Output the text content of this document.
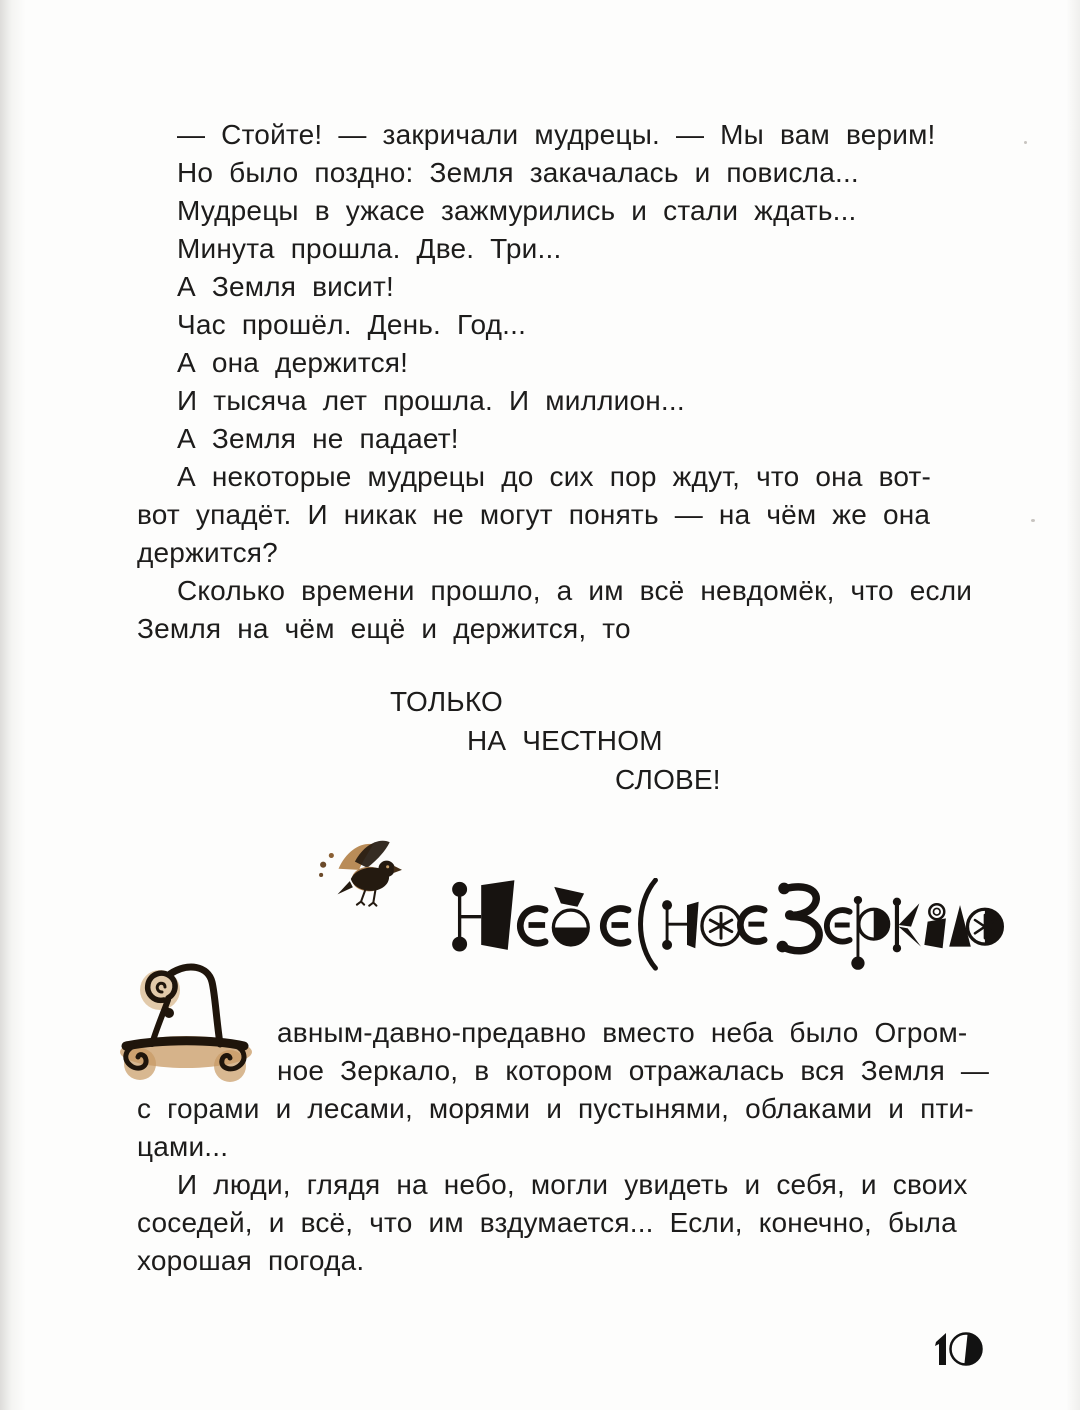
— Стойте! — закричали мудрецы. — Мы вам верим!
Но было поздно: Земля закачалась и повисла...
Мудрецы в ужасе зажмурились и стали ждать...
Минута прошла. Две. Три...
А Земля висит!
Час прошёл. День. Год...
А она держится!
И тысяча лет прошла. И миллион...
А Земля не падает!
А некоторые мудрецы до сих пор ждут, что она вот-
вот упадёт. И никак не могут понять — на чём же она
держится?
Сколько времени прошло, а им всё невдомёк, что если
Земля на чём ещё и держится, то
ТОЛЬКО
НА ЧЕСТНОМ
СЛОВЕ!
авным-давно-предавно вместо неба было Огром-
ное Зеркало, в котором отражалась вся Земля —
с горами и лесами, морями и пустынями, облаками и пти-
цами...
И люди, глядя на небо, могли увидеть и себя, и своих
соседей, и всё, что им вздумается... Если, конечно, была
хорошая погода.
